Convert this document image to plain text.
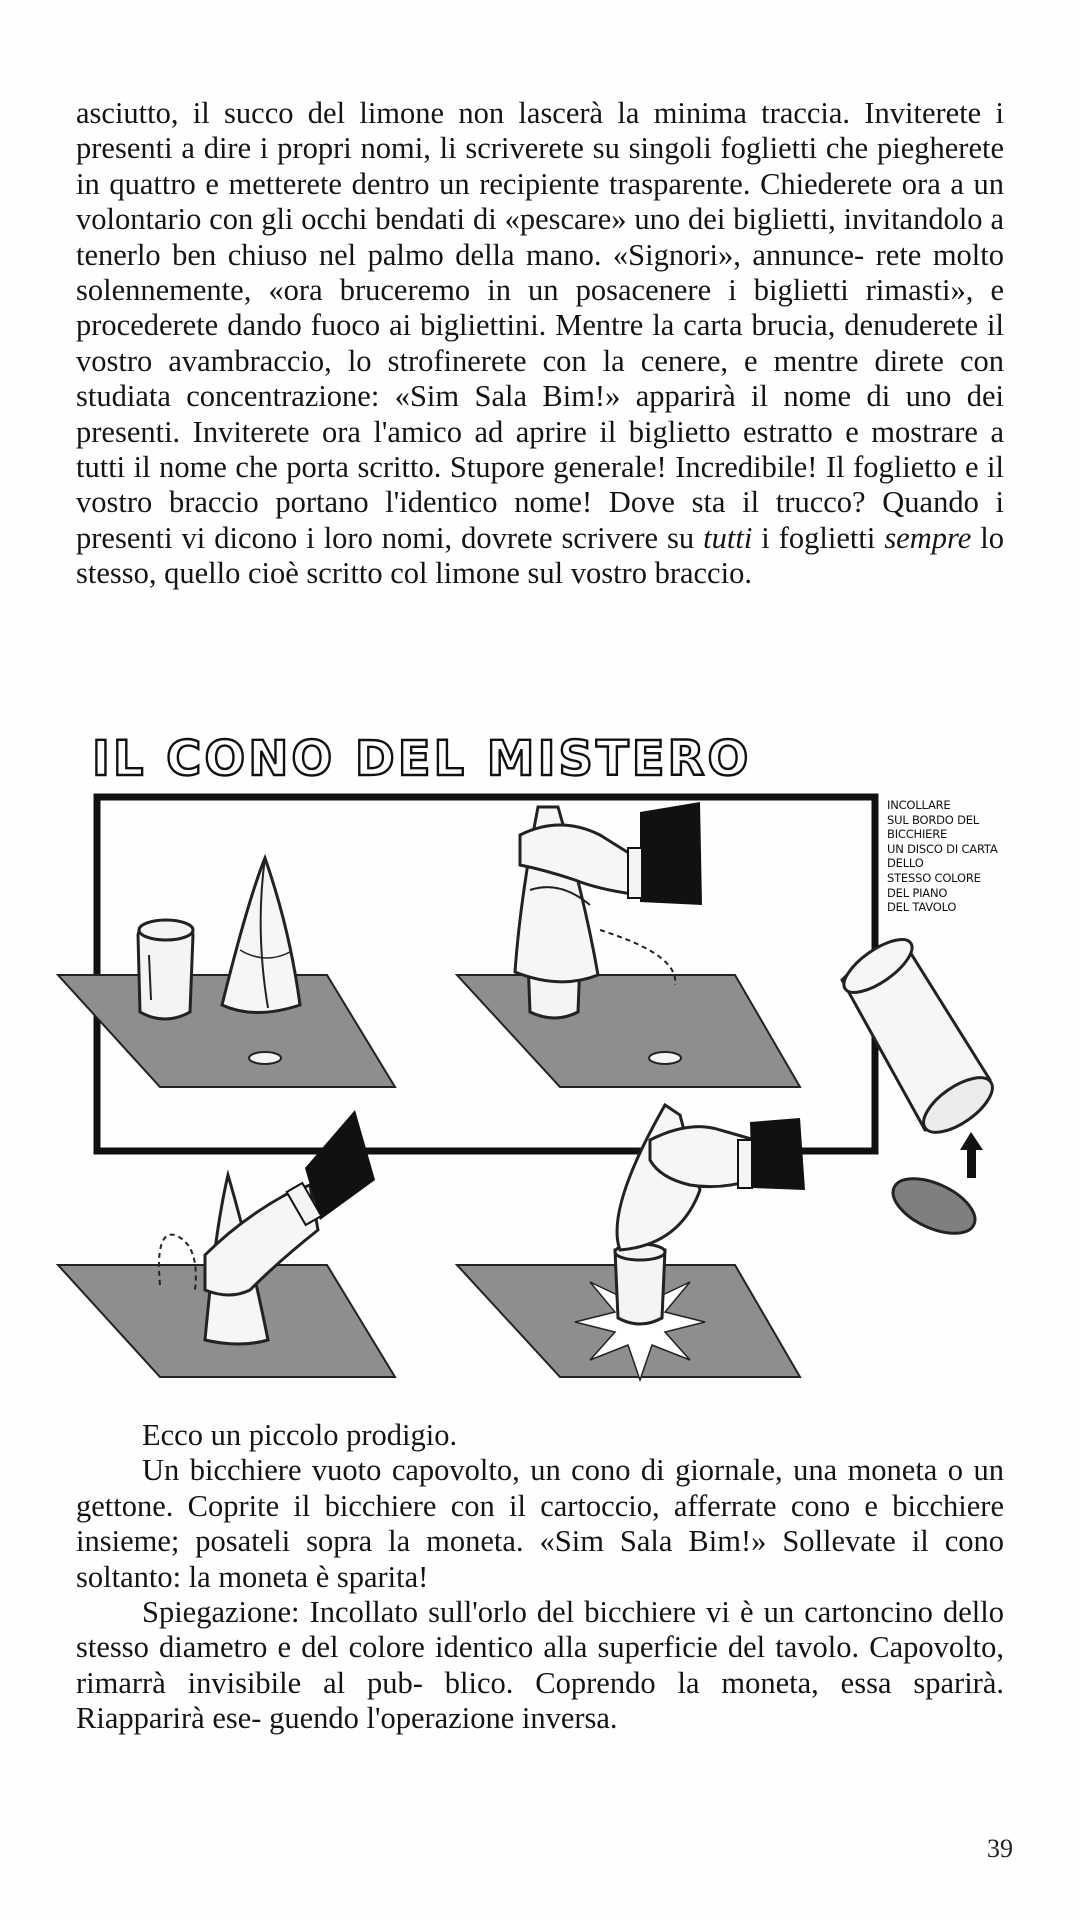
asciutto, il succo del limone non lascerà la minima traccia. Inviterete i presenti a dire i propri nomi, li scriverete su singoli foglietti che piegherete in quattro e metterete dentro un recipiente trasparente. Chiederete ora a un volontario con gli occhi bendati di «pescare» uno dei biglietti, invitandolo a tenerlo ben chiuso nel palmo della mano. «Signori», annunce- rete molto solennemente, «ora bruceremo in un posacenere i biglietti rimasti», e procederete dando fuoco ai bigliettini. Mentre la carta brucia, denuderete il vostro avambraccio, lo strofinerete con la cenere, e mentre direte con studiata concentrazione: «Sim Sala Bim!» apparirà il nome di uno dei presenti. Inviterete ora l'amico ad aprire il biglietto estratto e mostrare a tutti il nome che porta scritto. Stupore generale! Incredibile! Il foglietto e il vostro braccio portano l'identico nome! Dove sta il trucco? Quando i presenti vi dicono i loro nomi, dovrete scrivere su tutti i foglietti sempre lo stesso, quello cioè scritto col limone sul vostro braccio.

IL CONO DEL MISTERO
INCOLLARE
SUL BORDO DEL
BICCHIERE
UN DISCO DI CARTA
DELLO
STESSO COLORE
DEL PIANO
DEL TAVOLO

Ecco un piccolo prodigio.

Un bicchiere vuoto capovolto, un cono di giornale, una moneta o un gettone. Coprite il bicchiere con il cartoccio, afferrate cono e bicchiere insieme; posateli sopra la moneta. «Sim Sala Bim!» Sollevate il cono soltanto: la moneta è sparita!

Spiegazione: Incollato sull'orlo del bicchiere vi è un cartoncino dello stesso diametro e del colore identico alla superficie del tavolo. Capovolto, rimarrà invisibile al pub- blico. Coprendo la moneta, essa sparirà. Riapparirà ese- guendo l'operazione inversa.

39
